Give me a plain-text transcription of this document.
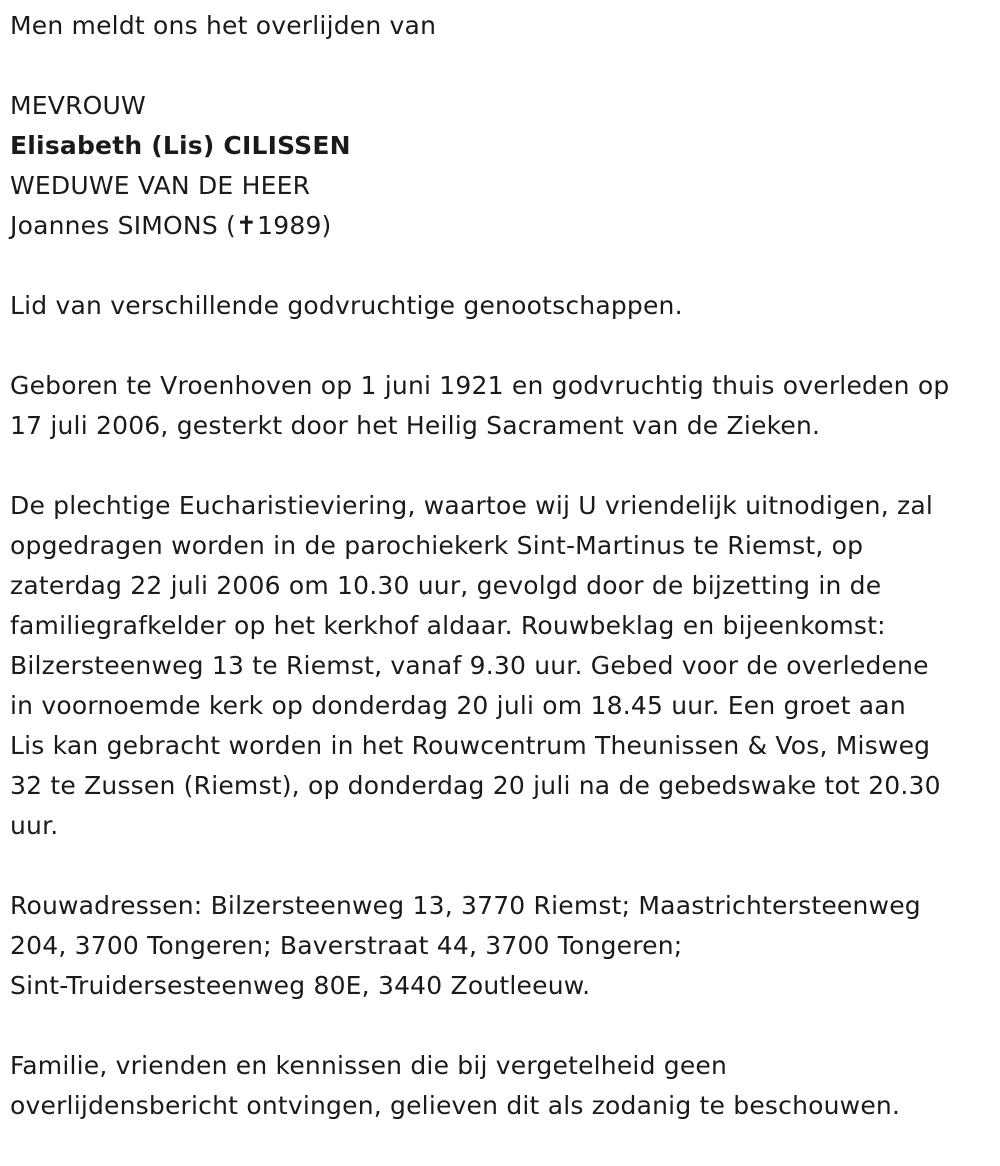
Men meldt ons het overlijden van

MEVROUW

Elisabeth (Lis) CILISSEN

WEDUWE VAN DE HEER

Joannes SIMONS (✝1989)

Lid van verschillende godvruchtige genootschappen.

Geboren te Vroenhoven op 1 juni 1921 en godvruchtig thuis overleden op

17 juli 2006, gesterkt door het Heilig Sacrament van de Zieken.

De plechtige Eucharistieviering, waartoe wij U vriendelijk uitnodigen, zal

opgedragen worden in de parochiekerk Sint-Martinus te Riemst, op

zaterdag 22 juli 2006 om 10.30 uur, gevolgd door de bijzetting in de

familiegrafkelder op het kerkhof aldaar. Rouwbeklag en bijeenkomst:

Bilzersteenweg 13 te Riemst, vanaf 9.30 uur. Gebed voor de overledene

in voornoemde kerk op donderdag 20 juli om 18.45 uur. Een groet aan

Lis kan gebracht worden in het Rouwcentrum Theunissen & Vos, Misweg

32 te Zussen (Riemst), op donderdag 20 juli na de gebedswake tot 20.30

uur.

Rouwadressen: Bilzersteenweg 13, 3770 Riemst; Maastrichtersteenweg

204, 3700 Tongeren; Baverstraat 44, 3700 Tongeren;

Sint-Truidersesteenweg 80E, 3440 Zoutleeuw.

Familie, vrienden en kennissen die bij vergetelheid geen

overlijdensbericht ontvingen, gelieven dit als zodanig te beschouwen.
